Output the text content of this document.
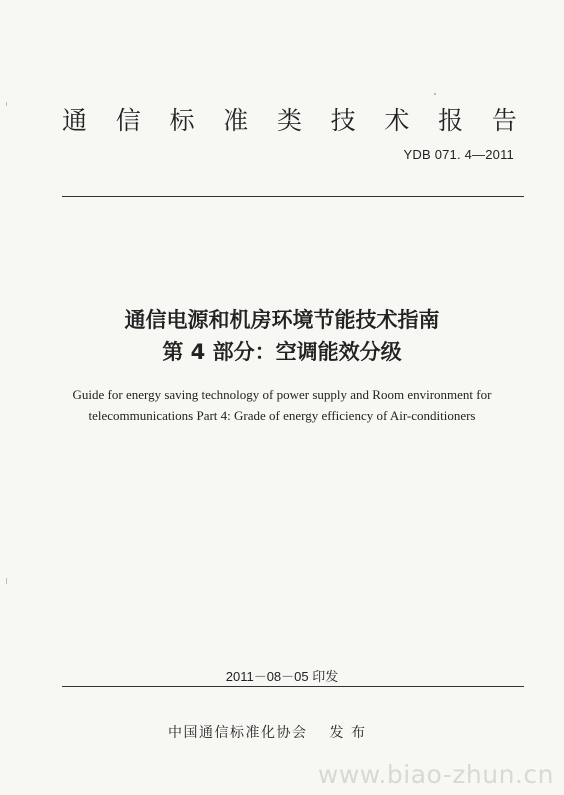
通 信 标 准 类 技 术 报 告
YDB 071. 4—2011
通信电源和机房环境节能技术指南
第 4 部分：空调能效分级
Guide for energy saving technology of power supply and Room environment for
telecommunications Part 4: Grade of energy efficiency of Air-conditioners
2011－08－05 印发
中国通信标准化协会 发 布
www.biao-zhun.cn
